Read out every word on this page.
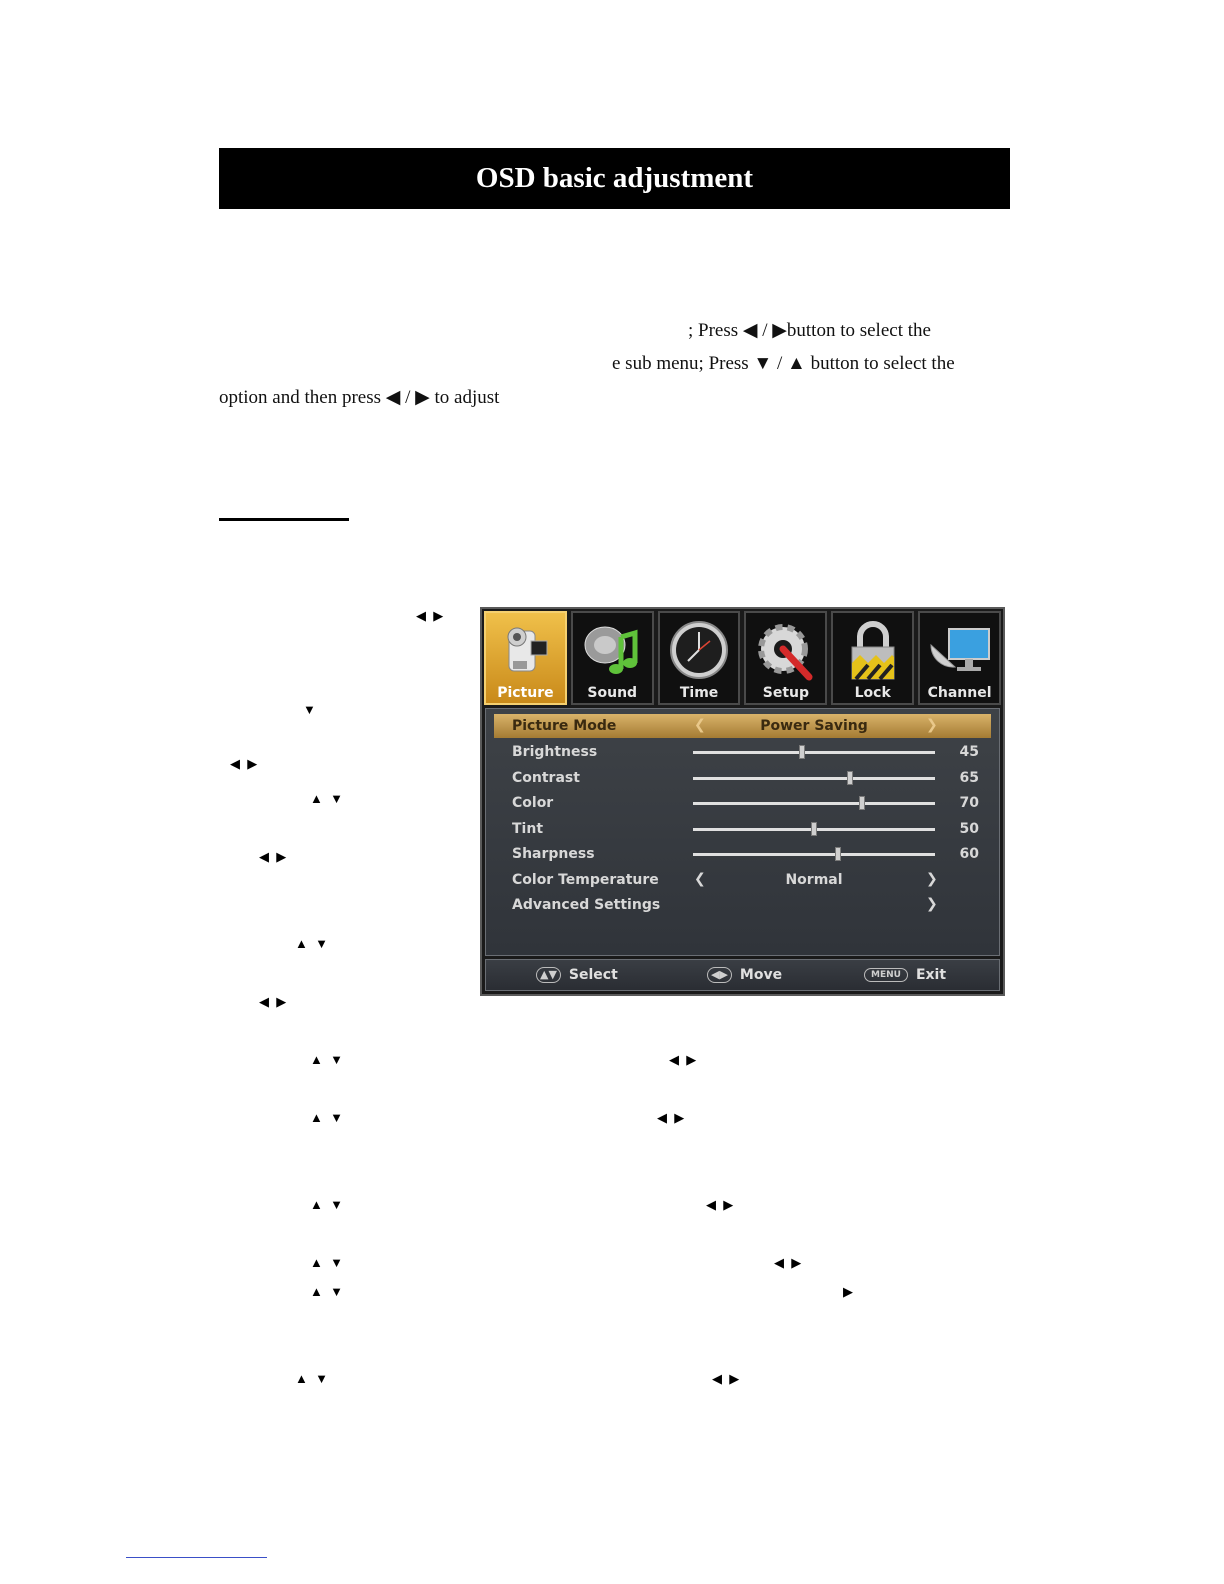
OSD basic adjustment
; Press ◀ / ▶button to select the
e sub menu; Press ▼ / ▲ button to select the
option and then press ◀ / ▶ to adjust
◀ ▶
▼
◀ ▶
▲ ▼
◀ ▶
▲ ▼
◀ ▶
▲ ▼	◀ ▶
▲ ▼	◀ ▶
▲ ▼	◀ ▶
▲ ▼	◀ ▶
▲ ▼	▶
▲ ▼	◀ ▶
Picture	Sound	Time	Setup	Lock	Channel
Picture Mode	❮	Power Saving	❯
Brightness	45
Contrast	65
Color	70
Tint	50
Sharpness	60
Color Temperature	❮	Normal	❯
Advanced Settings	❯
▲▼ Select	◀▶ Move	MENU	Exit
